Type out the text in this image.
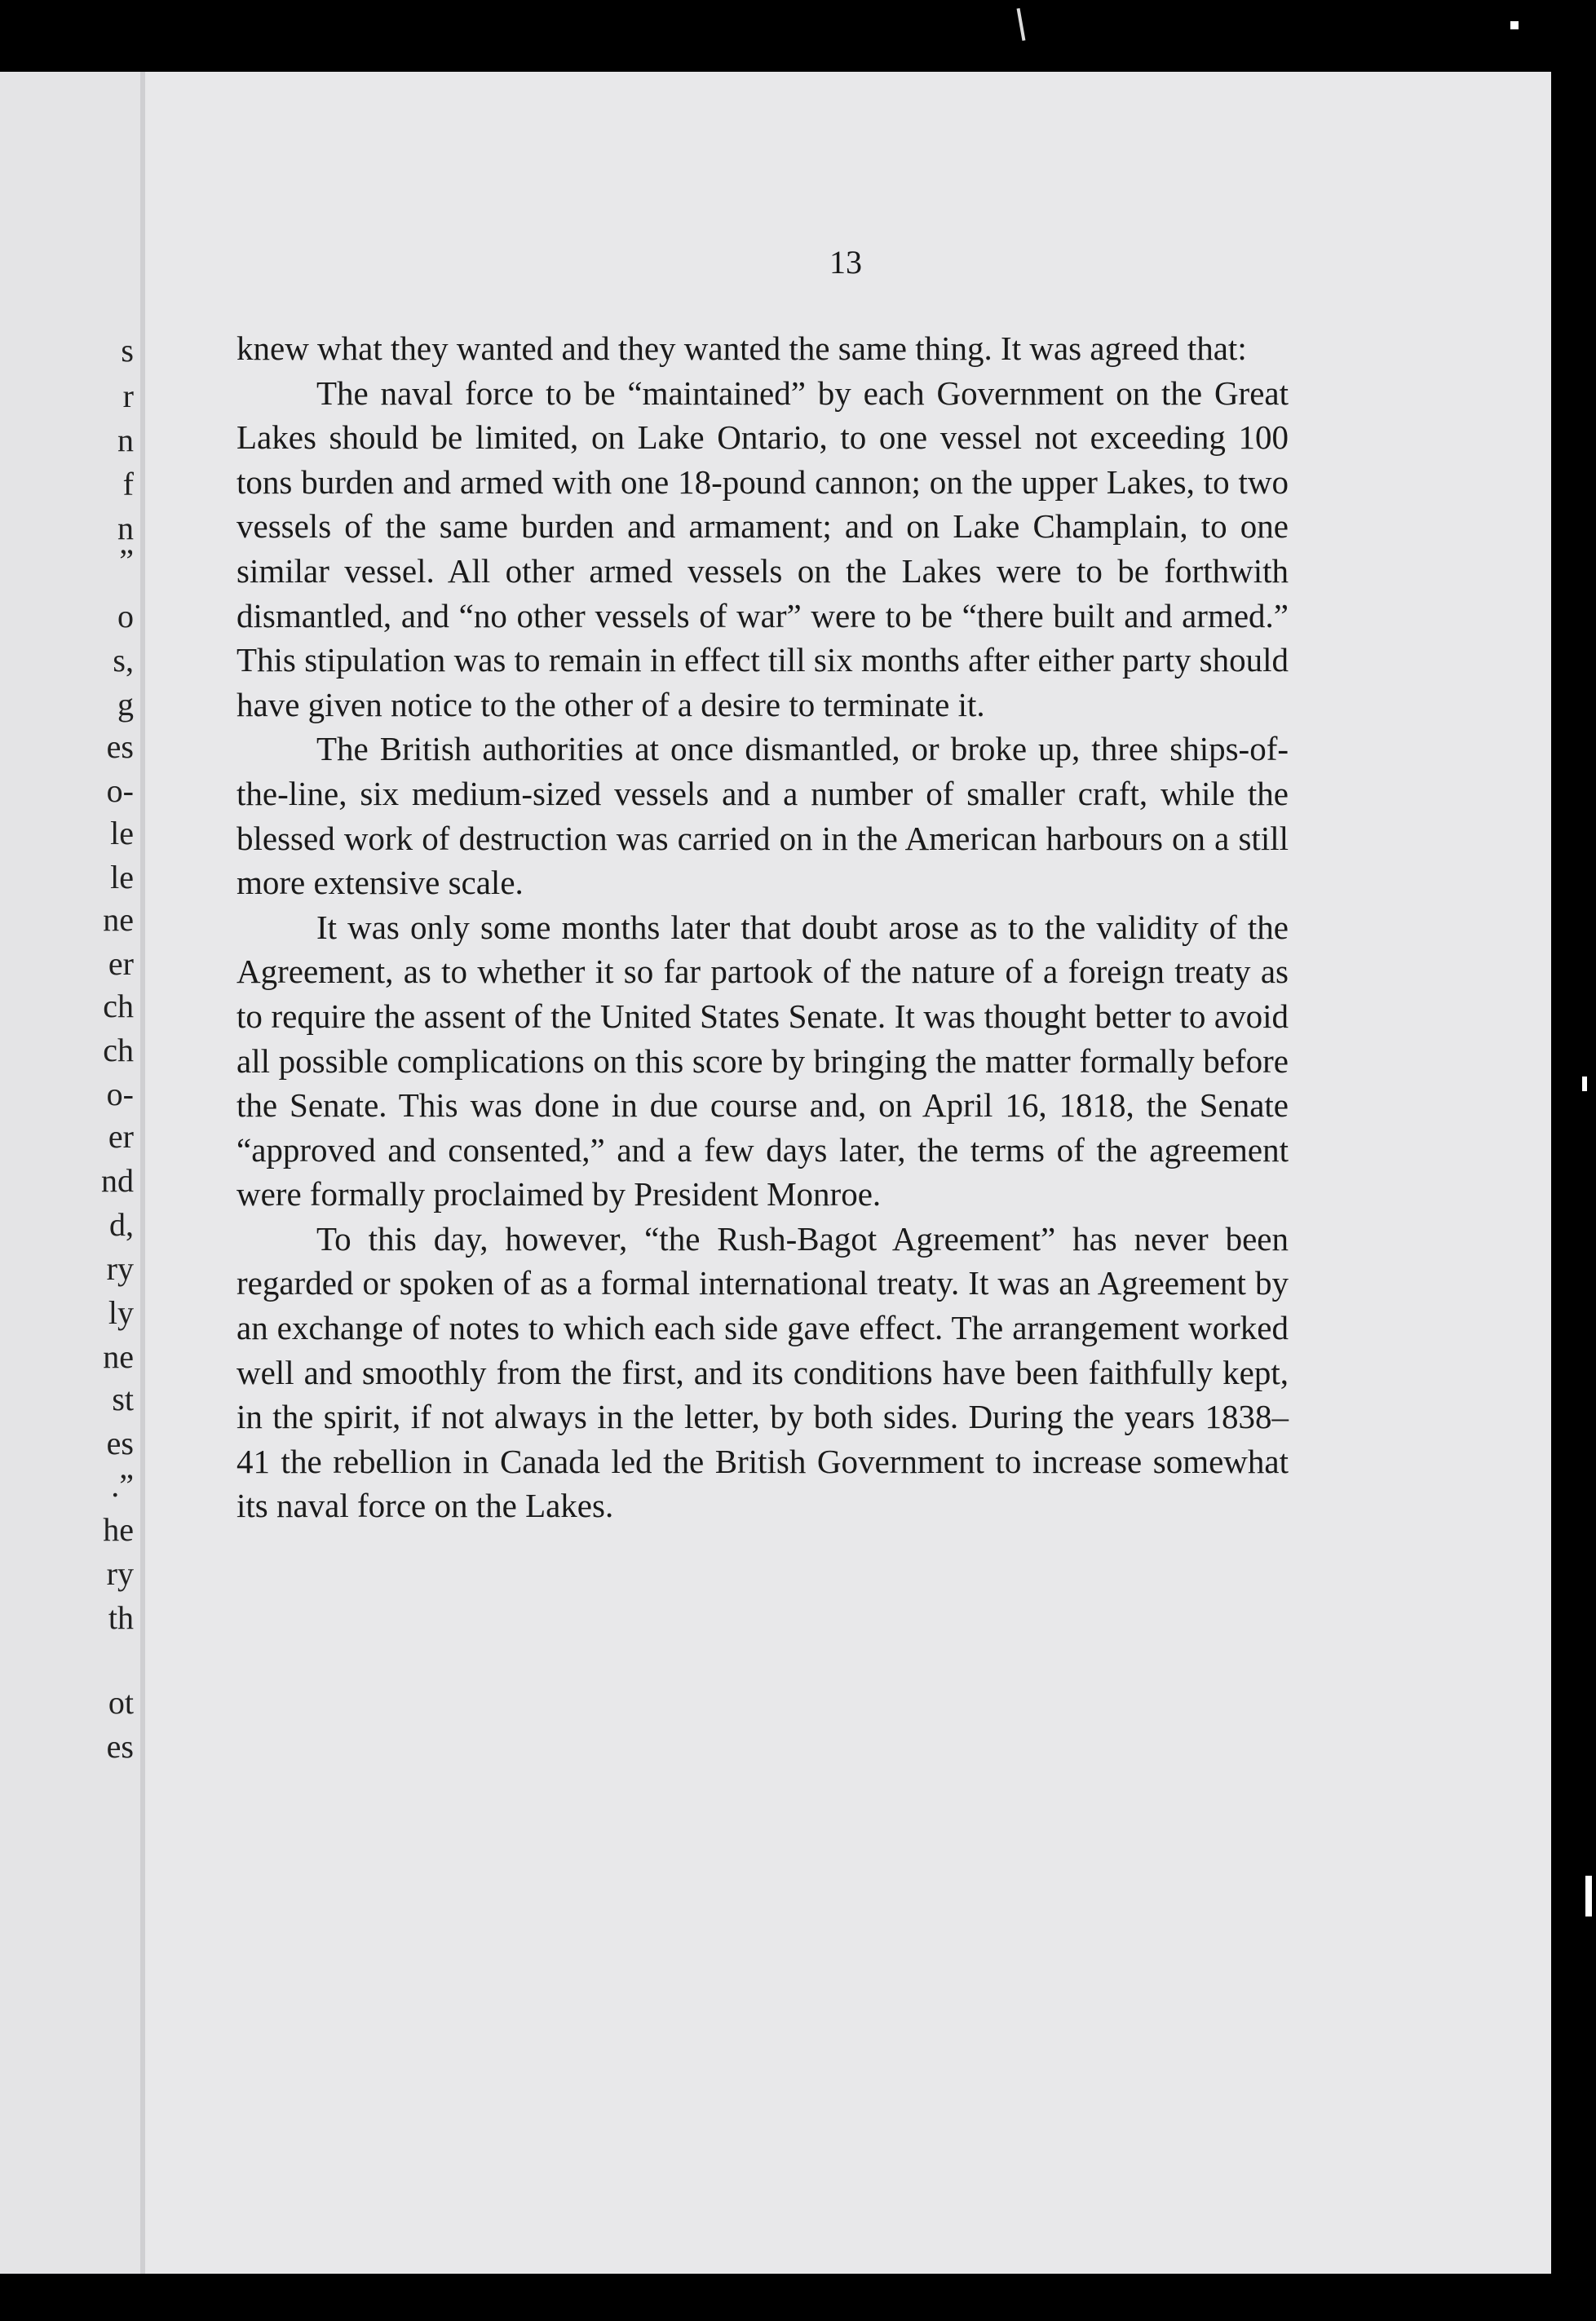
s
r
n
f
n
”
o
s,
g
es
o-
le
le
ne
er
ch
ch
o-
er
nd
d,
ry
ly
ne
st
es
.”
he
ry
th
ot
es
13

knew what they wanted and they wanted the same thing. It was agreed that:

The naval force to be “maintained” by each Government on the Great Lakes should be limited, on Lake Ontario, to one vessel not exceeding 100 tons burden and armed with one 18-pound cannon; on the upper Lakes, to two vessels of the same burden and armament; and on Lake Champlain, to one similar vessel. All other armed vessels on the Lakes were to be forthwith dismantled, and “no other vessels of war” were to be “there built and armed.” This stipulation was to remain in effect till six months after either party should have given notice to the other of a desire to terminate it.

The British authorities at once dismantled, or broke up, three ships-of-the-line, six medium-sized vessels and a number of smaller craft, while the blessed work of destruction was carried on in the American harbours on a still more extensive scale.

It was only some months later that doubt arose as to the validity of the Agreement, as to whether it so far partook of the nature of a foreign treaty as to require the assent of the United States Senate. It was thought better to avoid all possible complications on this score by bringing the matter formally before the Senate. This was done in due course and, on April 16, 1818, the Senate “approved and consented,” and a few days later, the terms of the agreement were formally proclaimed by President Monroe.

To this day, however, “the Rush-Bagot Agreement” has never been regarded or spoken of as a formal international treaty. It was an Agreement by an exchange of notes to which each side gave effect. The arrangement worked well and smoothly from the first, and its conditions have been faithfully kept, in the spirit, if not always in the letter, by both sides. During the years 1838–41 the rebellion in Canada led the British Government to increase somewhat its naval force on the Lakes.
